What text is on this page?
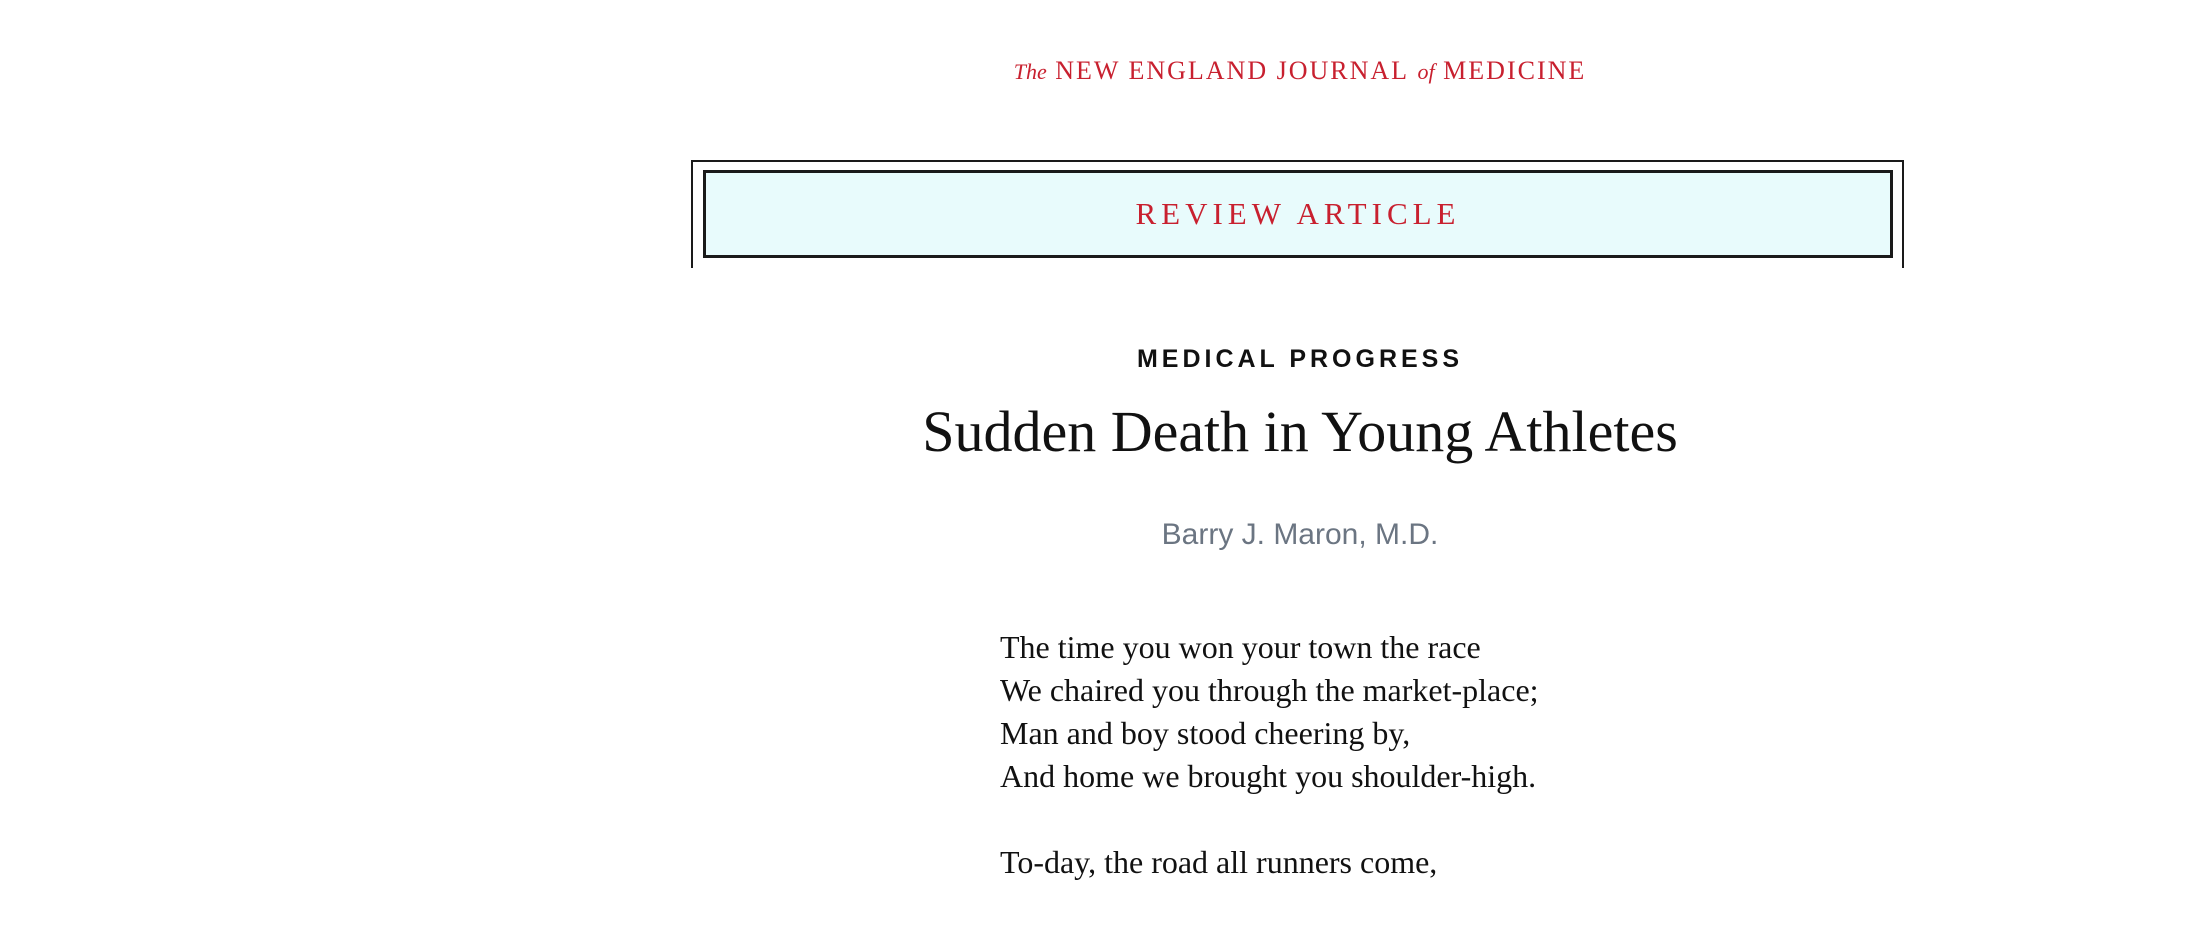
The NEW ENGLAND JOURNAL of MEDICINE
REVIEW ARTICLE
MEDICAL PROGRESS
Sudden Death in Young Athletes
Barry J. Maron, M.D.
The time you won your town the race
We chaired you through the market-place;
Man and boy stood cheering by,
And home we brought you shoulder-high.
To-day, the road all runners come,
